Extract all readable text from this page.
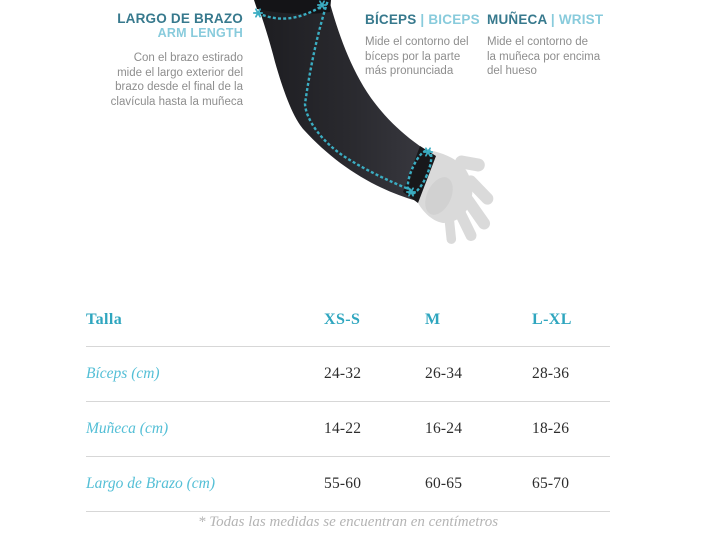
LARGO DE BRAZO
ARM LENGTH
Con el brazo estirado
mide el largo exterior del
brazo desde el final de la
clavícula hasta la muñeca
BÍCEPS | BICEPS
Mide el contorno del
bíceps por la parte
más pronunciada
MUÑECA | WRIST
Mide el contorno de
la muñeca por encima
del hueso
Talla	XS-S	M	L-XL
Bíceps (cm)	24-32	26-34	28-36
Muñeca (cm)	14-22	16-24	18-26
Largo de Brazo (cm)	55-60	60-65	65-70
* Todas las medidas se encuentran en centímetros
